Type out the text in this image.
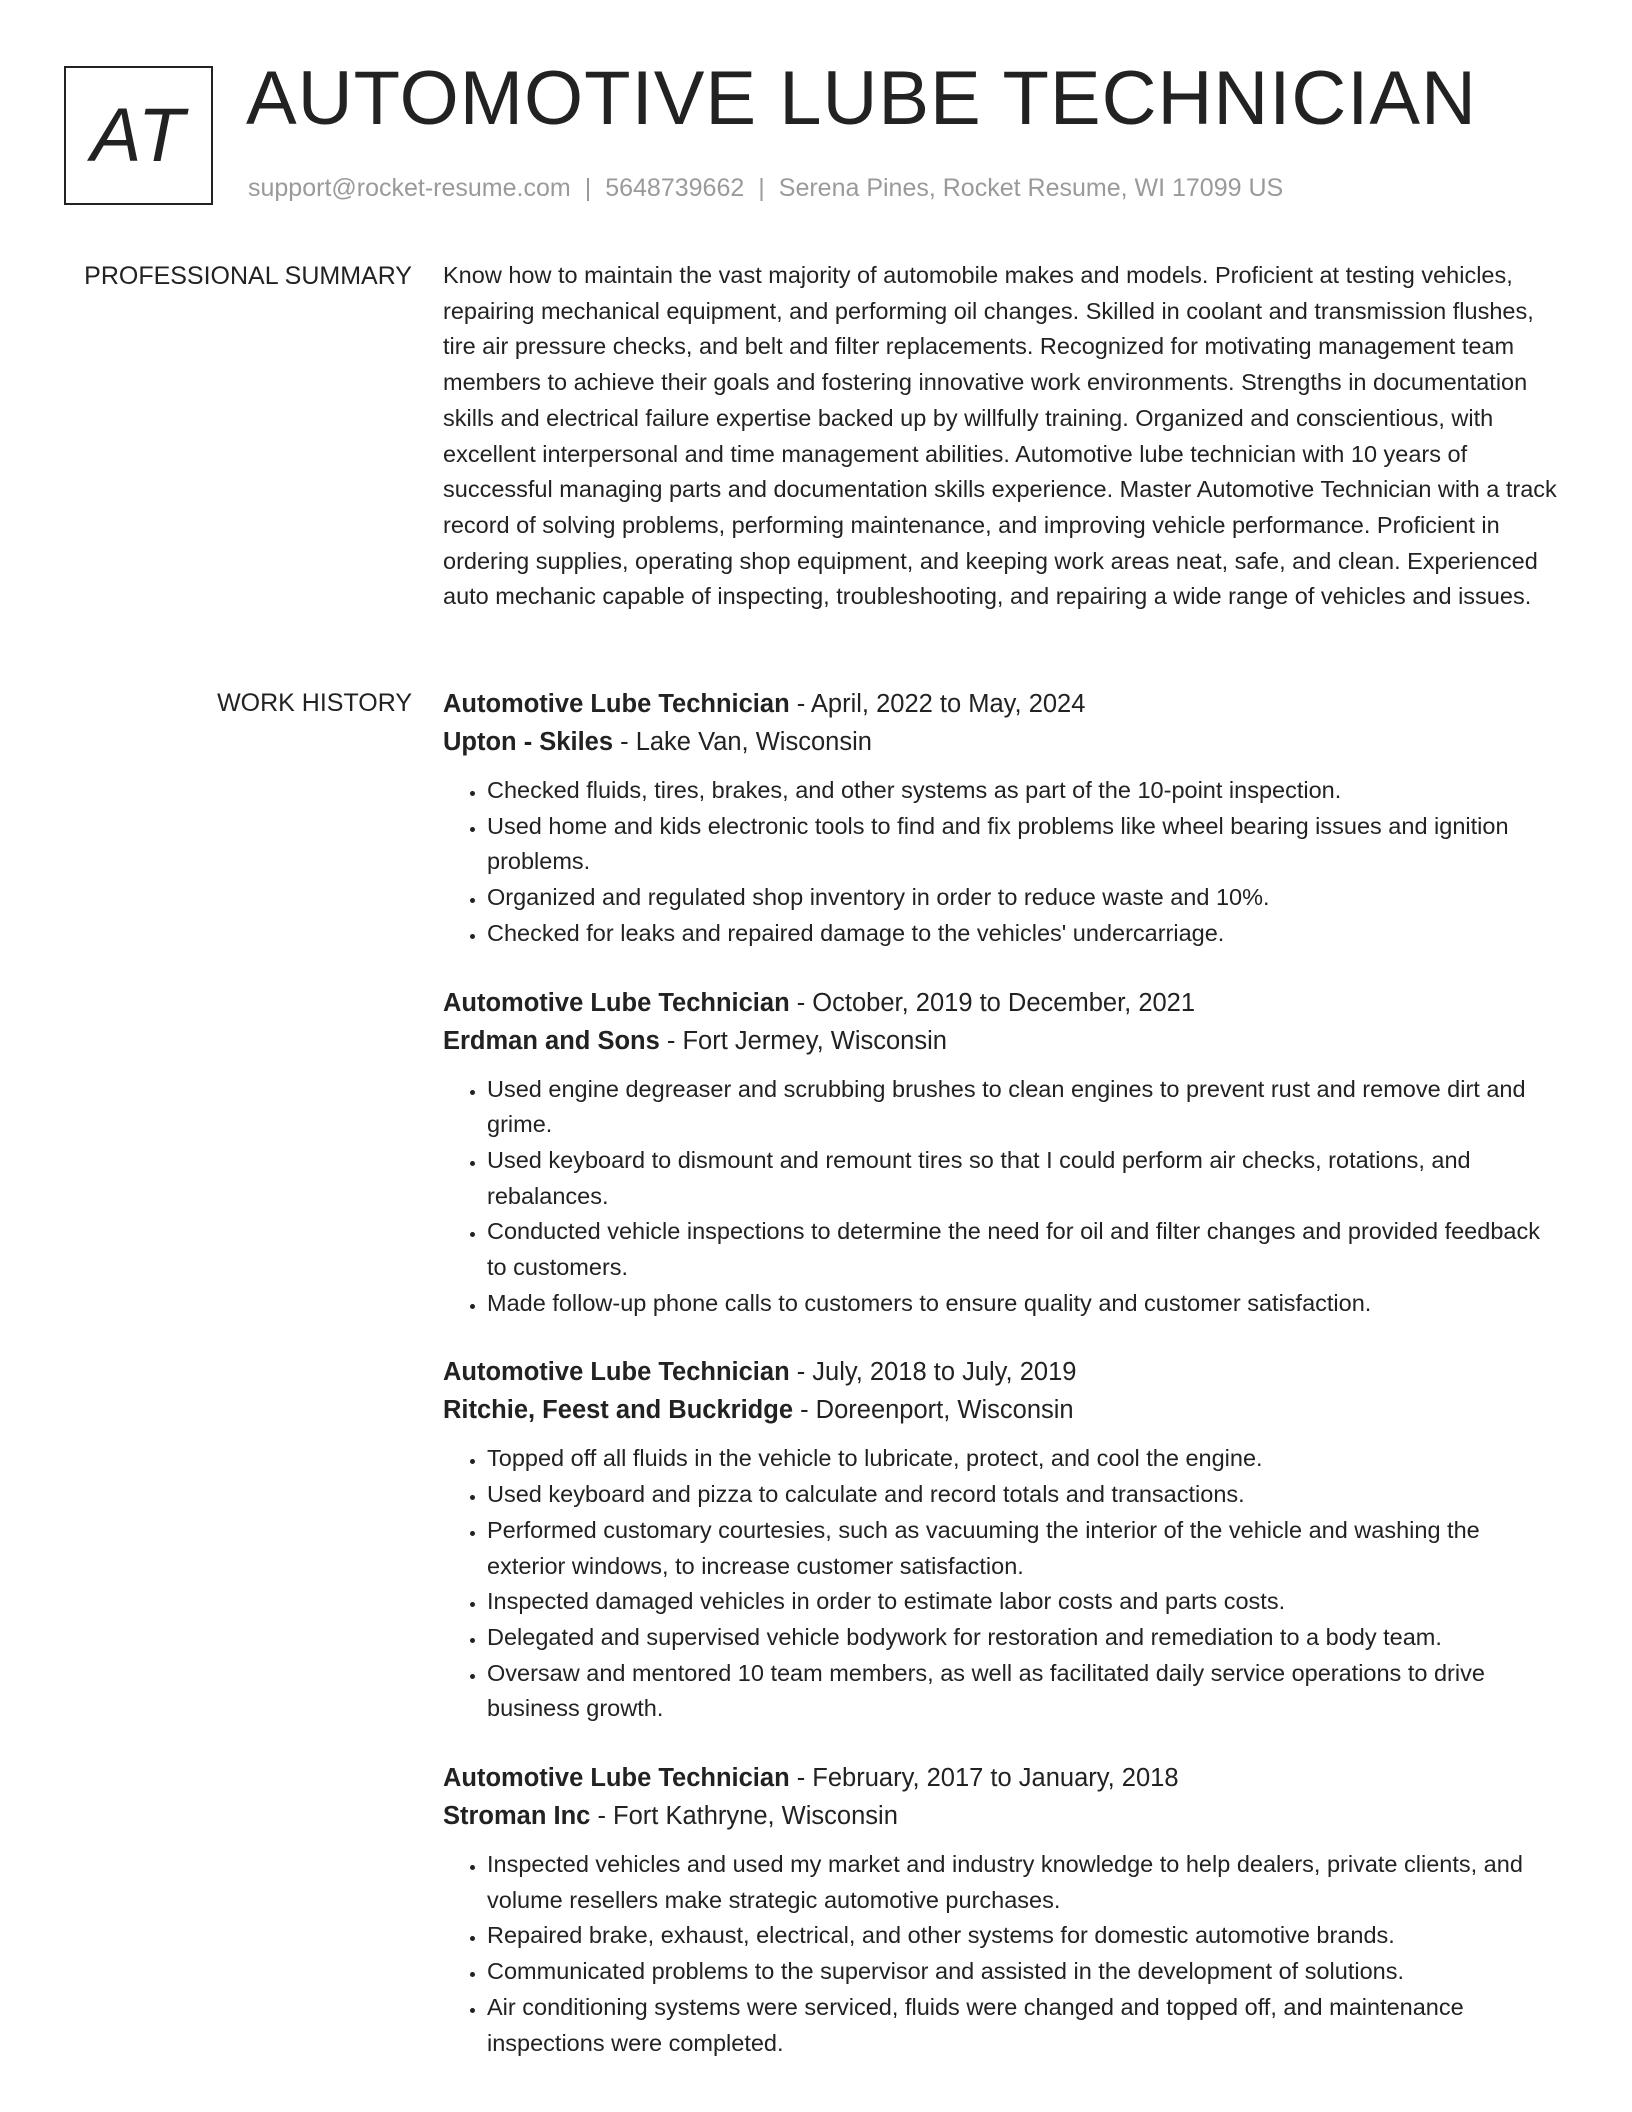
AT AUTOMOTIVE LUBE TECHNICIAN
support@rocket-resume.com | 5648739662 | Serena Pines, Rocket Resume, WI 17099 US
PROFESSIONAL SUMMARY Know how to maintain the vast majority of automobile makes and models. Proficient at testing vehicles, repairing mechanical equipment, and performing oil changes. Skilled in coolant and transmission flushes, tire air pressure checks, and belt and filter replacements. Recognized for motivating management team members to achieve their goals and fostering innovative work environments. Strengths in documentation skills and electrical failure expertise backed up by willfully training. Organized and conscientious, with excellent interpersonal and time management abilities. Automotive lube technician with 10 years of successful managing parts and documentation skills experience. Master Automotive Technician with a track record of solving problems, performing maintenance, and improving vehicle performance. Proficient in ordering supplies, operating shop equipment, and keeping work areas neat, safe, and clean. Experienced auto mechanic capable of inspecting, troubleshooting, and repairing a wide range of vehicles and issues.

WORK HISTORY Automotive Lube Technician - April, 2022 to May, 2024
Upton - Skiles - Lake Van, Wisconsin
• Checked fluids, tires, brakes, and other systems as part of the 10-point inspection.
• Used home and kids electronic tools to find and fix problems like wheel bearing issues and ignition problems.
• Organized and regulated shop inventory in order to reduce waste and 10%.
• Checked for leaks and repaired damage to the vehicles' undercarriage.
Automotive Lube Technician - October, 2019 to December, 2021
Erdman and Sons - Fort Jermey, Wisconsin
• Used engine degreaser and scrubbing brushes to clean engines to prevent rust and remove dirt and grime.
• Used keyboard to dismount and remount tires so that I could perform air checks, rotations, and rebalances.
• Conducted vehicle inspections to determine the need for oil and filter changes and provided feedback to customers.
• Made follow-up phone calls to customers to ensure quality and customer satisfaction.
Automotive Lube Technician - July, 2018 to July, 2019
Ritchie, Feest and Buckridge - Doreenport, Wisconsin
• Topped off all fluids in the vehicle to lubricate, protect, and cool the engine.
• Used keyboard and pizza to calculate and record totals and transactions.
• Performed customary courtesies, such as vacuuming the interior of the vehicle and washing the exterior windows, to increase customer satisfaction.
• Inspected damaged vehicles in order to estimate labor costs and parts costs.
• Delegated and supervised vehicle bodywork for restoration and remediation to a body team.
• Oversaw and mentored 10 team members, as well as facilitated daily service operations to drive business growth.
Automotive Lube Technician - February, 2017 to January, 2018
Stroman Inc - Fort Kathryne, Wisconsin
• Inspected vehicles and used my market and industry knowledge to help dealers, private clients, and volume resellers make strategic automotive purchases.
• Repaired brake, exhaust, electrical, and other systems for domestic automotive brands.
• Communicated problems to the supervisor and assisted in the development of solutions.
• Air conditioning systems were serviced, fluids were changed and topped off, and maintenance inspections were completed.
